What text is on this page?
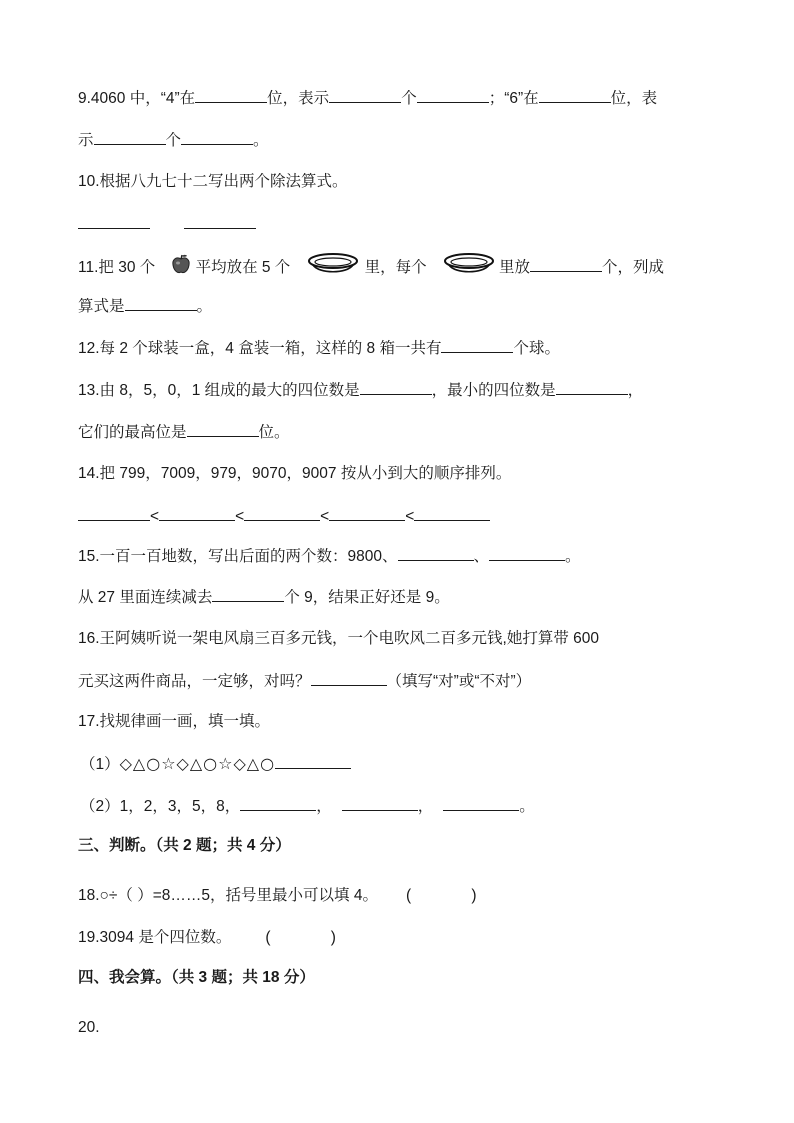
9.4060 中，“4”在	位，表示	个	；“6”在	位，表
示	个	。
10.根据八九七十二写出两个除法算式。
11.把 30 个	平均放在 5 个	里，每个	里放	个，列成
算式是	。
12.每 2 个球装一盒，4 盒装一箱，这样的 8 箱一共有	个球。
13.由 8，5，0，1 组成的最大的四位数是	，最小的四位数是	，
它们的最高位是	位。
14.把 799，7009，979，9070，9007 按从小到大的顺序排列。
<	<	<	<
15.一百一百地数，写出后面的两个数：9800、	、	。
从 27 里面连续减去	个 9，结果正好还是 9。
16.王阿姨听说一架电风扇三百多元钱，一个电吹风二百多元钱,她打算带 600
元买这两件商品，一定够，对吗？	（填写“对”或“不对”）
17.找规律画一画，填一填。
（1）◇△○☆◇△○☆◇△○
（2）1，2，3，5，8，	，	，	。
三、判断。（共 2 题；共 4 分）
18.○÷（ ）=8……5，括号里最小可以填 4。 (              )
19.3094 是个四位数。 (              )
四、我会算。（共 3 题；共 18 分）
20.
